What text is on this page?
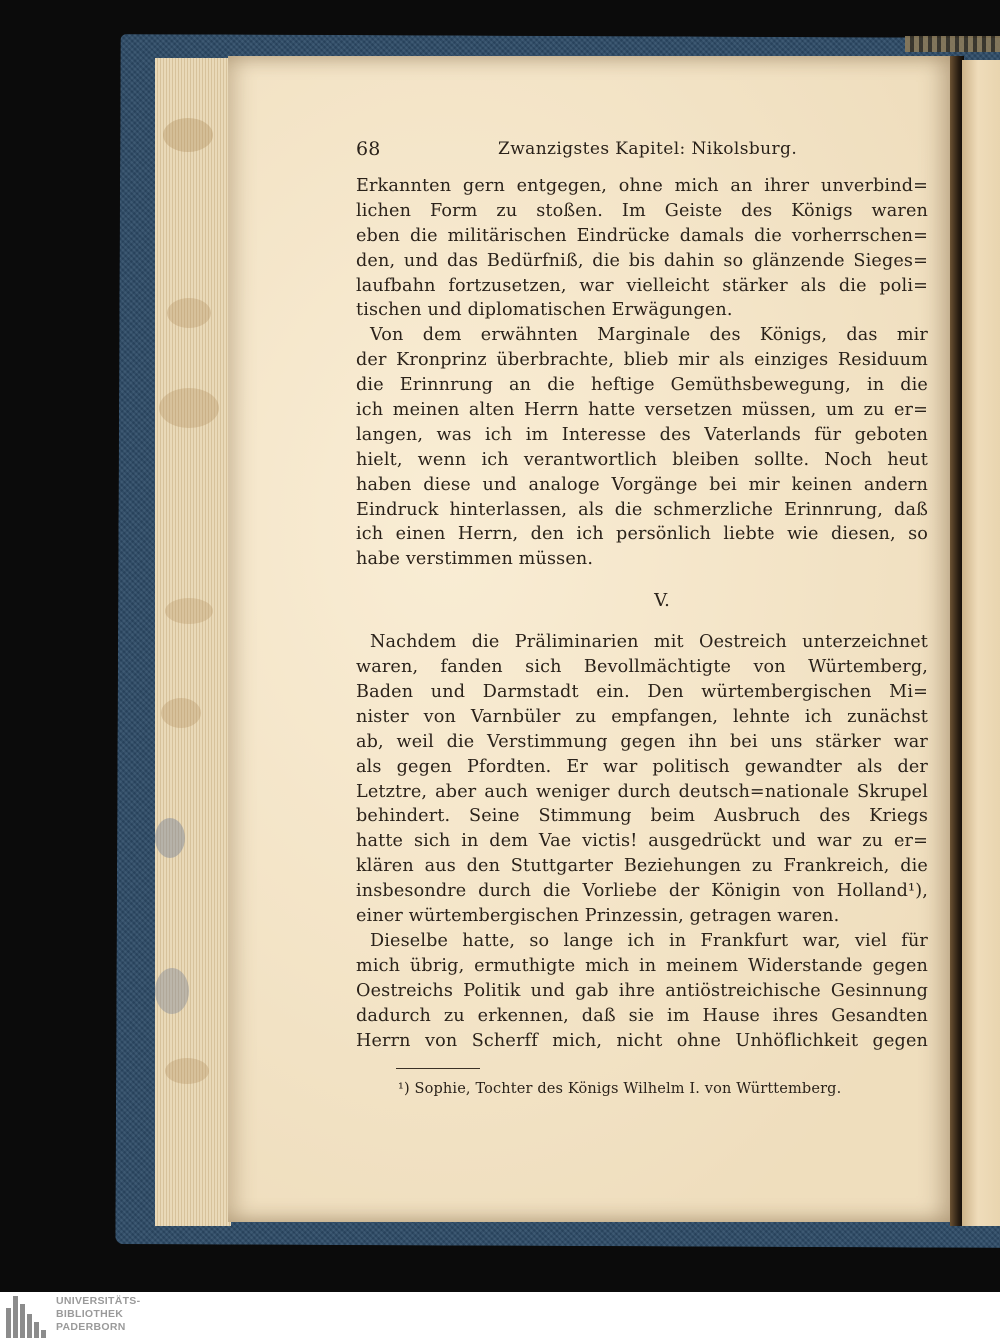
68	Zwanzigstes Kapitel: Nikolsburg.
Erkannten gern entgegen, ohne mich an ihrer unverbind=
lichen Form zu stoßen. Im Geiste des Königs waren
eben die militärischen Eindrücke damals die vorherrschen=
den, und das Bedürfniß, die bis dahin so glänzende Sieges=
laufbahn fortzusetzen, war vielleicht stärker als die poli=
tischen und diplomatischen Erwägungen.
Von dem erwähnten Marginale des Königs, das mir
der Kronprinz überbrachte, blieb mir als einziges Residuum
die Erinnrung an die heftige Gemüthsbewegung, in die
ich meinen alten Herrn hatte versetzen müssen, um zu er=
langen, was ich im Interesse des Vaterlands für geboten
hielt, wenn ich verantwortlich bleiben sollte. Noch heut
haben diese und analoge Vorgänge bei mir keinen andern
Eindruck hinterlassen, als die schmerzliche Erinnrung, daß
ich einen Herrn, den ich persönlich liebte wie diesen, so
habe verstimmen müssen.
V.
Nachdem die Präliminarien mit Oestreich unterzeichnet
waren, fanden sich Bevollmächtigte von Würtemberg,
Baden und Darmstadt ein. Den würtembergischen Mi=
nister von Varnbüler zu empfangen, lehnte ich zunächst
ab, weil die Verstimmung gegen ihn bei uns stärker war
als gegen Pfordten. Er war politisch gewandter als der
Letztre, aber auch weniger durch deutsch=nationale Skrupel
behindert. Seine Stimmung beim Ausbruch des Kriegs
hatte sich in dem Vae victis! ausgedrückt und war zu er=
klären aus den Stuttgarter Beziehungen zu Frankreich, die
insbesondre durch die Vorliebe der Königin von Holland¹),
einer würtembergischen Prinzessin, getragen waren.
Dieselbe hatte, so lange ich in Frankfurt war, viel für
mich übrig, ermuthigte mich in meinem Widerstande gegen
Oestreichs Politik und gab ihre antiöstreichische Gesinnung
dadurch zu erkennen, daß sie im Hause ihres Gesandten
Herrn von Scherff mich, nicht ohne Unhöflichkeit gegen
¹) Sophie, Tochter des Königs Wilhelm I. von Württemberg.
UNIVERSITÄTS-
BIBLIOTHEK
PADERBORN
